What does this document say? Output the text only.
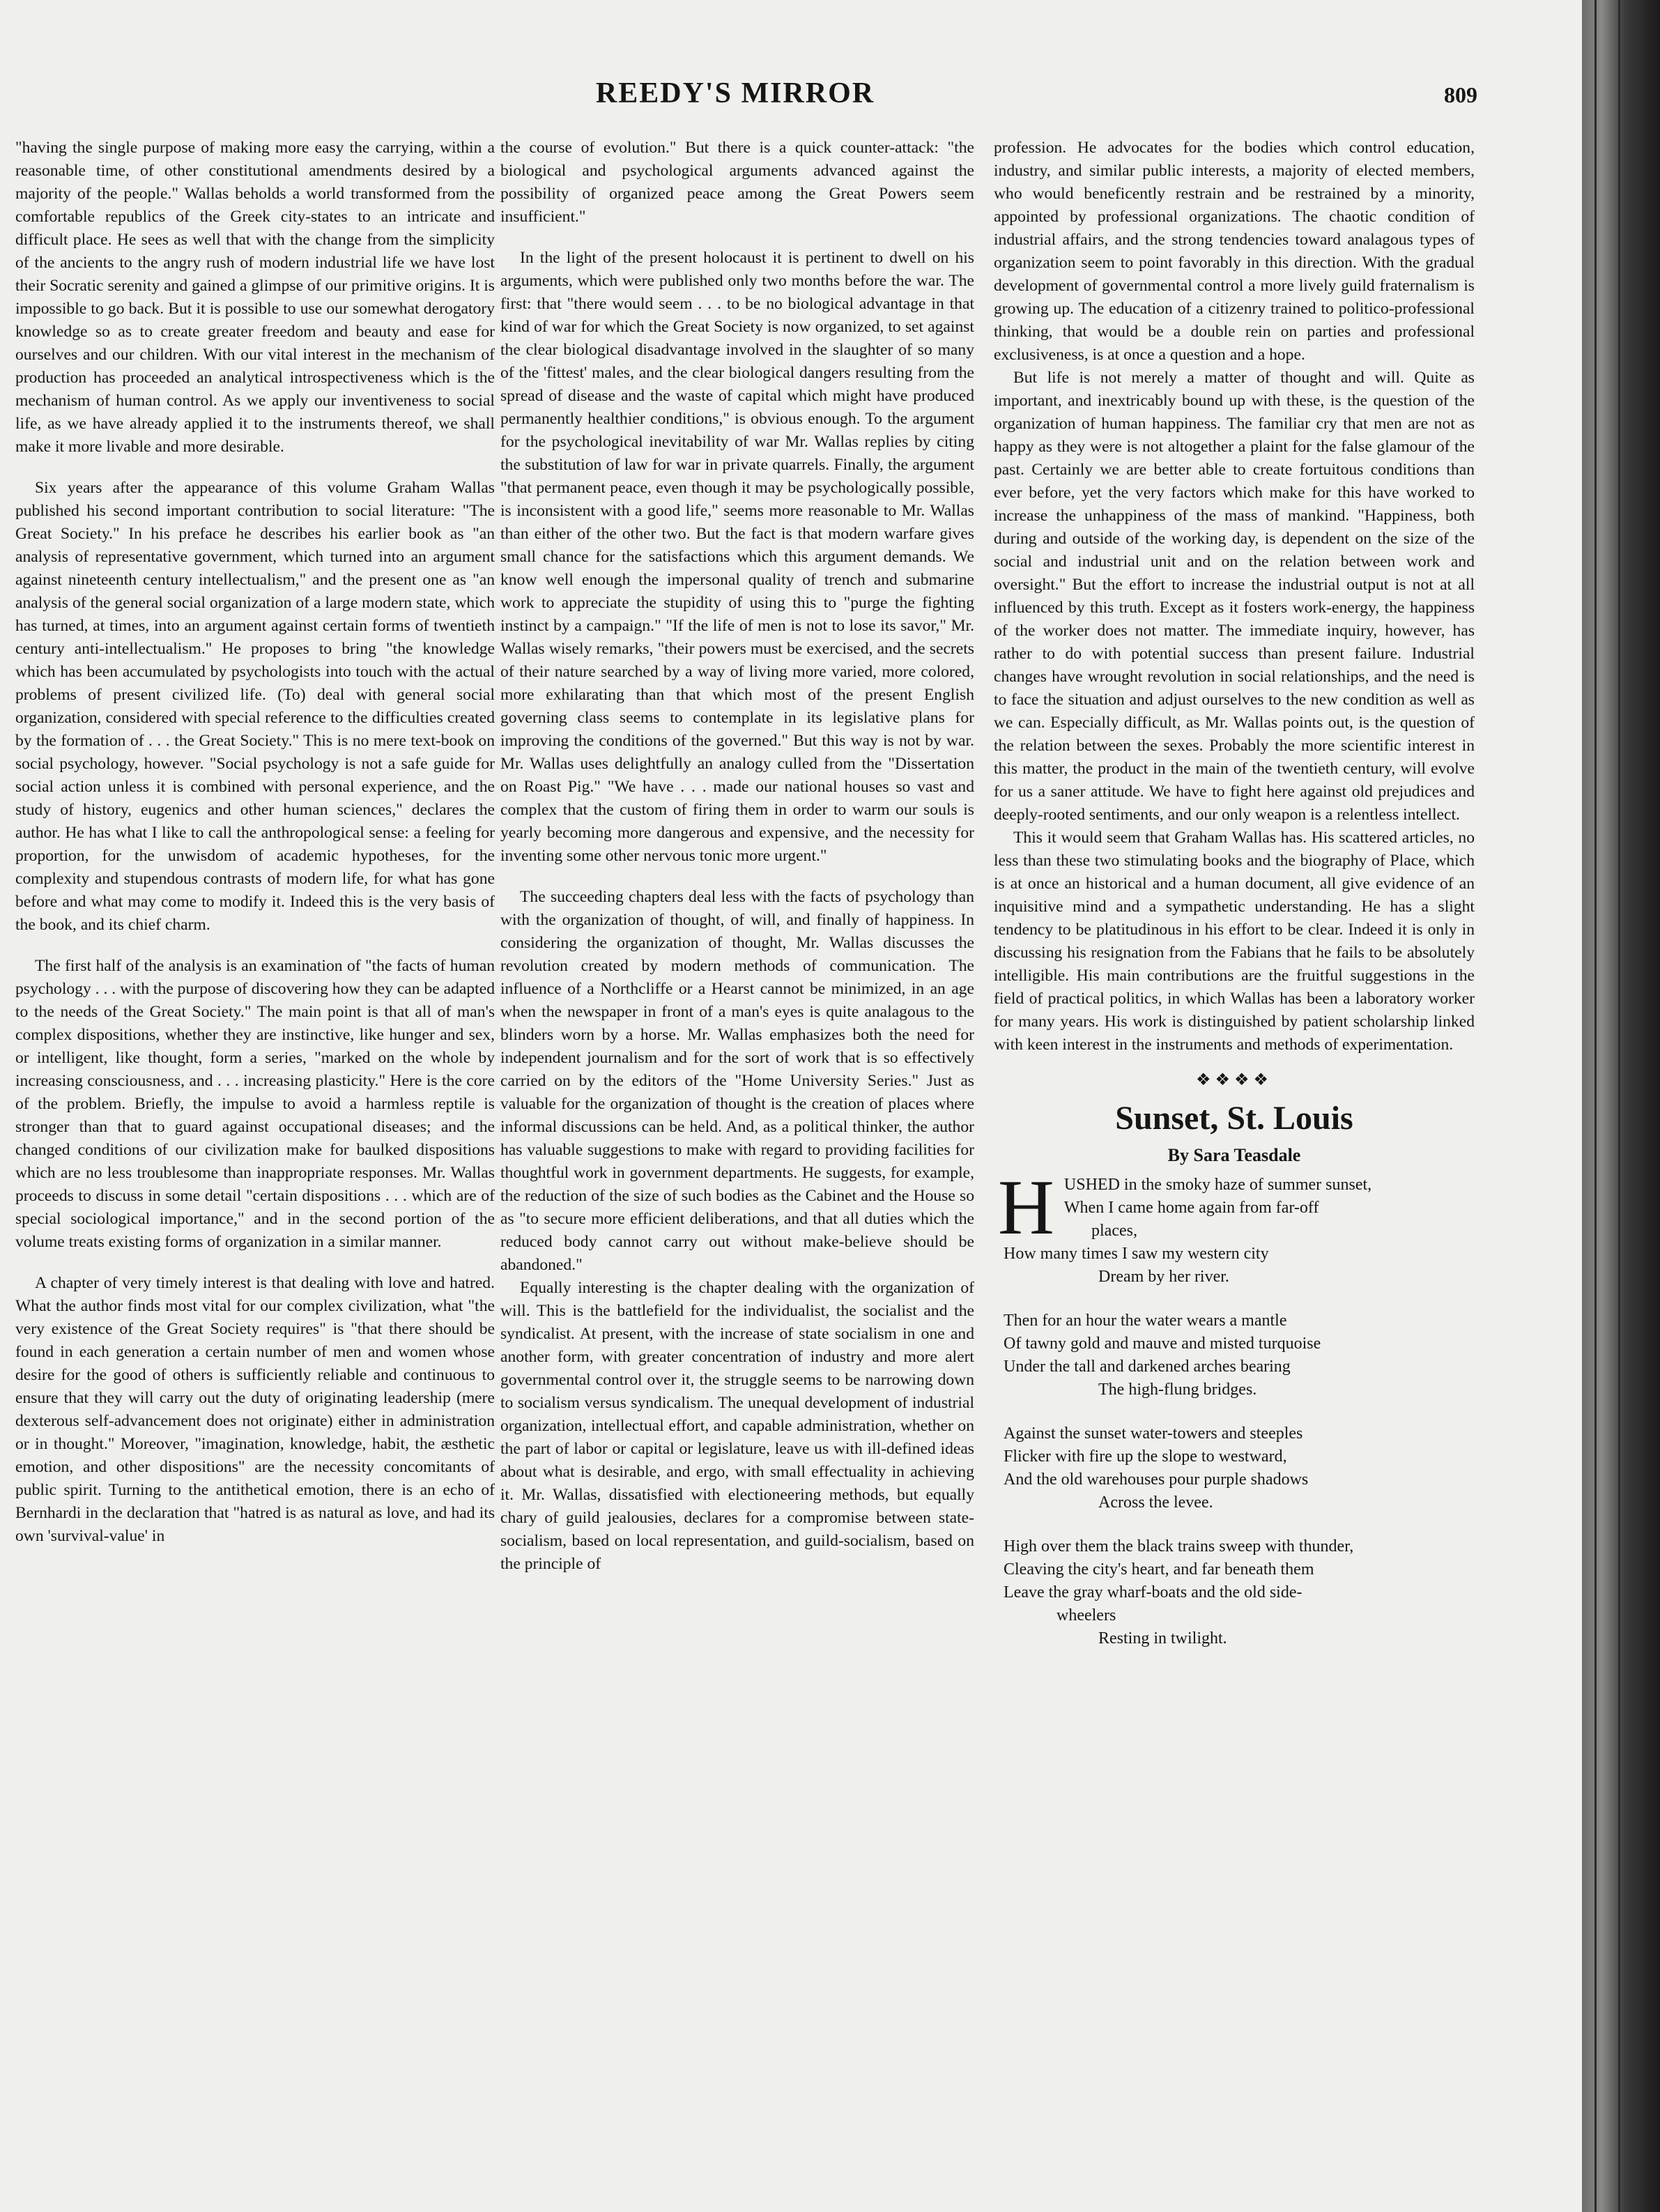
REEDY'S MIRROR	809

"having the single purpose of making more easy the carrying, within a reasonable time, of other constitutional amendments desired by a majority of the people." Wallas beholds a world transformed from the comfortable republics of the Greek city-states to an intricate and difficult place. He sees as well that with the change from the simplicity of the ancients to the angry rush of modern industrial life we have lost their Socratic serenity and gained a glimpse of our primitive origins. It is impossible to go back. But it is possible to use our somewhat derogatory knowledge so as to create greater freedom and beauty and ease for ourselves and our children. With our vital interest in the mechanism of production has proceeded an analytical introspectiveness which is the mechanism of human control. As we apply our inventiveness to social life, as we have already applied it to the instruments thereof, we shall make it more livable and more desirable.

Six years after the appearance of this volume Graham Wallas published his second important contribution to social literature: "The Great Society." In his preface he describes his earlier book as "an analysis of representative government, which turned into an argument against nineteenth century intellectualism," and the present one as "an analysis of the general social organization of a large modern state, which has turned, at times, into an argument against certain forms of twentieth century anti-intellectualism." He proposes to bring "the knowledge which has been accumulated by psychologists into touch with the actual problems of present civilized life. (To) deal with general social organization, considered with special reference to the difficulties created by the formation of . . . the Great Society." This is no mere text-book on social psychology, however. "Social psychology is not a safe guide for social action unless it is combined with personal experience, and the study of history, eugenics and other human sciences," declares the author. He has what I like to call the anthropological sense: a feeling for proportion, for the unwisdom of academic hypotheses, for the complexity and stupendous contrasts of modern life, for what has gone before and what may come to modify it. Indeed this is the very basis of the book, and its chief charm.

The first half of the analysis is an examination of "the facts of human psychology . . . with the purpose of discovering how they can be adapted to the needs of the Great Society." The main point is that all of man's complex dispositions, whether they are instinctive, like hunger and sex, or intelligent, like thought, form a series, "marked on the whole by increasing consciousness, and . . . increasing plasticity." Here is the core of the problem. Briefly, the impulse to avoid a harmless reptile is stronger than that to guard against occupational diseases; and the changed conditions of our civilization make for baulked dispositions which are no less troublesome than inappropriate responses. Mr. Wallas proceeds to discuss in some detail "certain dispositions . . . which are of special sociological importance," and in the second portion of the volume treats existing forms of organization in a similar manner.

A chapter of very timely interest is that dealing with love and hatred. What the author finds most vital for our complex civilization, what "the very existence of the Great Society requires" is "that there should be found in each generation a certain number of men and women whose desire for the good of others is sufficiently reliable and continuous to ensure that they will carry out the duty of originating leadership (mere dexterous self-advancement does not originate) either in administration or in thought." Moreover, "imagination, knowledge, habit, the æsthetic emotion, and other dispositions" are the necessity concomitants of public spirit. Turning to the antithetical emotion, there is an echo of Bernhardi in the declaration that "hatred is as natural as love, and had its own 'survival-value' in

the course of evolution." But there is a quick counter-attack: "the biological and psychological arguments advanced against the possibility of organized peace among the Great Powers seem insufficient."

In the light of the present holocaust it is pertinent to dwell on his arguments, which were published only two months before the war. The first: that "there would seem . . . to be no biological advantage in that kind of war for which the Great Society is now organized, to set against the clear biological disadvantage involved in the slaughter of so many of the 'fittest' males, and the clear biological dangers resulting from the spread of disease and the waste of capital which might have produced permanently healthier conditions," is obvious enough. To the argument for the psychological inevitability of war Mr. Wallas replies by citing the substitution of law for war in private quarrels. Finally, the argument "that permanent peace, even though it may be psychologically possible, is inconsistent with a good life," seems more reasonable to Mr. Wallas than either of the other two. But the fact is that modern warfare gives small chance for the satisfactions which this argument demands. We know well enough the impersonal quality of trench and submarine work to appreciate the stupidity of using this to "purge the fighting instinct by a campaign." "If the life of men is not to lose its savor," Mr. Wallas wisely remarks, "their powers must be exercised, and the secrets of their nature searched by a way of living more varied, more colored, more exhilarating than that which most of the present English governing class seems to contemplate in its legislative plans for improving the conditions of the governed." But this way is not by war. Mr. Wallas uses delightfully an analogy culled from the "Dissertation on Roast Pig." "We have . . . made our national houses so vast and complex that the custom of firing them in order to warm our souls is yearly becoming more dangerous and expensive, and the necessity for inventing some other nervous tonic more urgent."

The succeeding chapters deal less with the facts of psychology than with the organization of thought, of will, and finally of happiness. In considering the organization of thought, Mr. Wallas discusses the revolution created by modern methods of communication. The influence of a Northcliffe or a Hearst cannot be minimized, in an age when the newspaper in front of a man's eyes is quite analagous to the blinders worn by a horse. Mr. Wallas emphasizes both the need for independent journalism and for the sort of work that is so effectively carried on by the editors of the "Home University Series." Just as valuable for the organization of thought is the creation of places where informal discussions can be held. And, as a political thinker, the author has valuable suggestions to make with regard to providing facilities for thoughtful work in government departments. He suggests, for example, the reduction of the size of such bodies as the Cabinet and the House so as "to secure more efficient deliberations, and that all duties which the reduced body cannot carry out without make-believe should be abandoned."

Equally interesting is the chapter dealing with the organization of will. This is the battlefield for the individualist, the socialist and the syndicalist. At present, with the increase of state socialism in one and another form, with greater concentration of industry and more alert governmental control over it, the struggle seems to be narrowing down to socialism versus syndicalism. The unequal development of industrial organization, intellectual effort, and capable administration, whether on the part of labor or capital or legislature, leave us with ill-defined ideas about what is desirable, and ergo, with small effectuality in achieving it. Mr. Wallas, dissatisfied with electioneering methods, but equally chary of guild jealousies, declares for a compromise between state-socialism, based on local representation, and guild-socialism, based on the principle of

profession. He advocates for the bodies which control education, industry, and similar public interests, a majority of elected members, who would beneficently restrain and be restrained by a minority, appointed by professional organizations. The chaotic condition of industrial affairs, and the strong tendencies toward analagous types of organization seem to point favorably in this direction. With the gradual development of governmental control a more lively guild fraternalism is growing up. The education of a citizenry trained to politico-professional thinking, that would be a double rein on parties and professional exclusiveness, is at once a question and a hope.

But life is not merely a matter of thought and will. Quite as important, and inextricably bound up with these, is the question of the organization of human happiness. The familiar cry that men are not as happy as they were is not altogether a plaint for the false glamour of the past. Certainly we are better able to create fortuitous conditions than ever before, yet the very factors which make for this have worked to increase the unhappiness of the mass of mankind. "Happiness, both during and outside of the working day, is dependent on the size of the social and industrial unit and on the relation between work and oversight." But the effort to increase the industrial output is not at all influenced by this truth. Except as it fosters work-energy, the happiness of the worker does not matter. The immediate inquiry, however, has rather to do with potential success than present failure. Industrial changes have wrought revolution in social relationships, and the need is to face the situation and adjust ourselves to the new condition as well as we can. Especially difficult, as Mr. Wallas points out, is the question of the relation between the sexes. Probably the more scientific interest in this matter, the product in the main of the twentieth century, will evolve for us a saner attitude. We have to fight here against old prejudices and deeply-rooted sentiments, and our only weapon is a relentless intellect.

This it would seem that Graham Wallas has. His scattered articles, no less than these two stimulating books and the biography of Place, which is at once an historical and a human document, all give evidence of an inquisitive mind and a sympathetic understanding. He has a slight tendency to be platitudinous in his effort to be clear. Indeed it is only in discussing his resignation from the Fabians that he fails to be absolutely intelligible. His main contributions are the fruitful suggestions in the field of practical politics, in which Wallas has been a laboratory worker for many years. His work is distinguished by patient scholarship linked with keen interest in the instruments and methods of experimentation.

❖❖❖❖
Sunset, St. Louis
By Sara Teasdale
H USHED in the smoky haze of summer sunset,
When I came home again from far-off
places,
How many times I saw my western city
Dream by her river.
Then for an hour the water wears a mantle
Of tawny gold and mauve and misted turquoise
Under the tall and darkened arches bearing
The high-flung bridges.
Against the sunset water-towers and steeples
Flicker with fire up the slope to westward,
And the old warehouses pour purple shadows
Across the levee.
High over them the black trains sweep with thunder,
Cleaving the city's heart, and far beneath them
Leave the gray wharf-boats and the old side-
wheelers
Resting in twilight.
